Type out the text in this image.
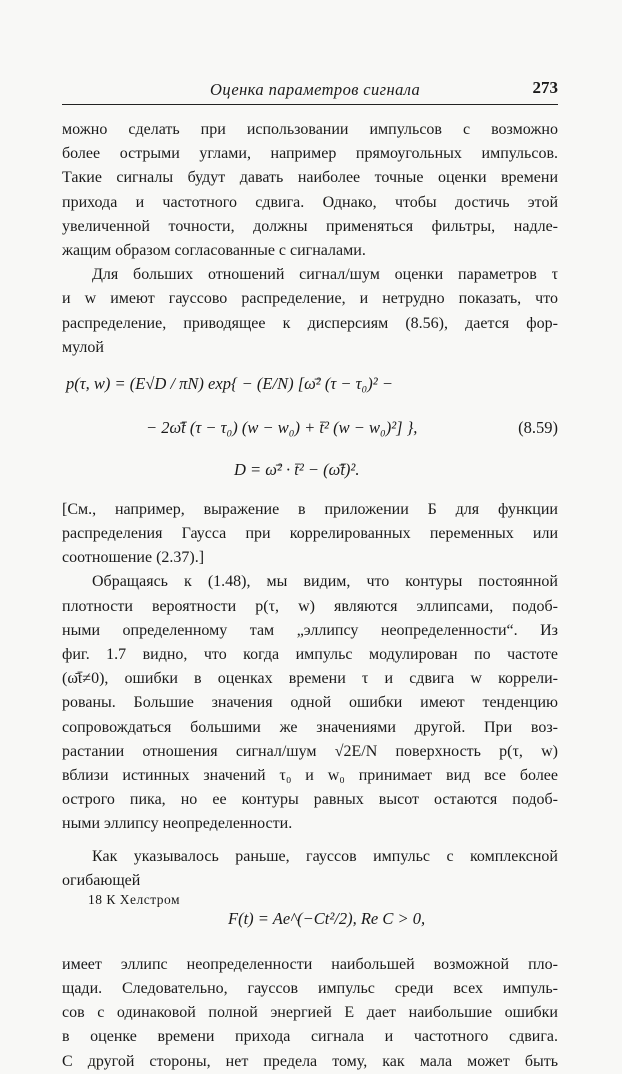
Оценка параметров сигнала	273

можно сделать при использовании импульсов с возможно

более острыми углами, например прямоугольных импульсов.

Такие сигналы будут давать наиболее точные оценки времени

прихода и частотного сдвига. Однако, чтобы достичь этой

увеличенной точности, должны применяться фильтры, надле-

жащим образом согласованные с сигналами.

Для больших отношений сигнал/шум оценки параметров τ

и w имеют гауссово распределение, и нетрудно показать, что

распределение, приводящее к дисперсиям (8.56), дается фор-

мулой

p(τ, w) = (E√D / πN) exp{ − (E/N) [ω̄² (τ − τ₀)² −
− 2ω̄t̄ (τ − τ₀) (w − w₀) + t̄² (w − w₀)²] },	(8.59)
D = ω̄² · t̄² − (ω̄t̄)².

[См., например, выражение в приложении Б для функции

распределения Гаусса при коррелированных переменных или

соотношение (2.37).]

Обращаясь к (1.48), мы видим, что контуры постоянной

плотности вероятности p(τ, w) являются эллипсами, подоб-

ными определенному там „эллипсу неопределенности“. Из

фиг. 1.7 видно, что когда импульс модулирован по частоте

(ω̄t̄≠0), ошибки в оценках времени τ и сдвига w коррели-

рованы. Большие значения одной ошибки имеют тенденцию

сопровождаться большими же значениями другой. При воз-

растании отношения сигнал/шум √2E/N поверхность p(τ, w)

вблизи истинных значений τ₀ и w₀ принимает вид все более

острого пика, но ее контуры равных высот остаются подоб-

ными эллипсу неопределенности.

Как указывалось раньше, гауссов импульс с комплексной

огибающей

F(t) = Ae^(−Ct²/2), Re C > 0,

имеет эллипс неопределенности наибольшей возможной пло-

щади. Следовательно, гауссов импульс среди всех импуль-

сов с одинаковой полной энергией E дает наибольшие ошибки

в оценке времени прихода сигнала и частотного сдвига.

С другой стороны, нет предела тому, как мала может быть

18 К Хелстром
